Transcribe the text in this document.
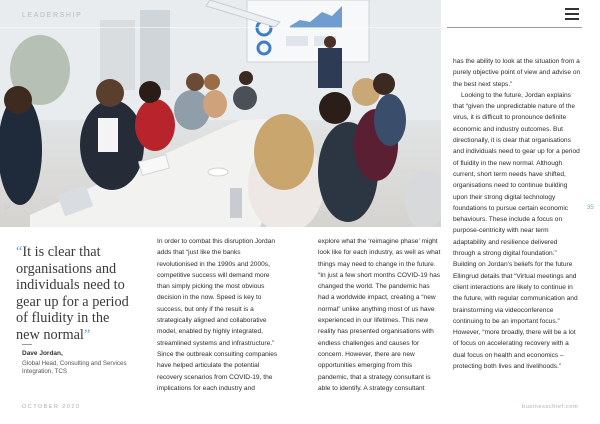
LEADERSHIP
34	35

has the ability to look at the situation from a purely objective point of view and advise on the best next steps.”

Looking to the future, Jordan explains that “given the unpredictable nature of the virus, it is difficult to pronounce definite economic and industry outcomes. But directionally, it is clear that organisations and individuals need to gear up for a period of fluidity in the new normal. Although current, short term needs have shifted, organisations need to continue building upon their strong digital technology foundations to pursue certain economic behaviours. These include a focus on purpose-centricity with near term adaptability and resilience delivered through a strong digital foundation.” Building on Jordan’s beliefs for the future Ellingrud details that “Virtual meetings and client interactions are likely to continue in the future, with regular communication and brainstorming via videoconference continuing to be an important focus.” However, “more broadly, there will be a lot of focus on accelerating recovery with a dual focus on health and economics – protecting both lives and livelihoods.”

“It is clear that organisations and individuals need to gear up for a period of fluidity in the new normal”
Dave Jordan,
Global Head, Consulting and Services Integration, TCS

In order to combat this disruption Jordan adds that “just like the banks revolutionised in the 1990s and 2000s, competitive success will demand more than simply picking the most obvious decision in the now. Speed is key to success, but only if the result is a strategically aligned and collaborative model, enabled by highly integrated, streamlined systems and infrastructure.” Since the outbreak consulting companies have helped articulate the potential recovery scenarios from COVID-19, the implications for each industry and

explore what the ‘reimagine phase’ might look like for each industry, as well as what things may need to change in the future. “In just a few short months COVID-19 has changed the world. The pandemic has had a worldwide impact, creating a “new normal” unlike anything most of us have experienced in our lifetimes. This new reality has presented organisations with endless challenges and causes for concern. However, there are new opportunities emerging from this pandemic, that a strategy consultant is able to identify. A strategy consultant

OCTOBER 2020	businesschief.com
